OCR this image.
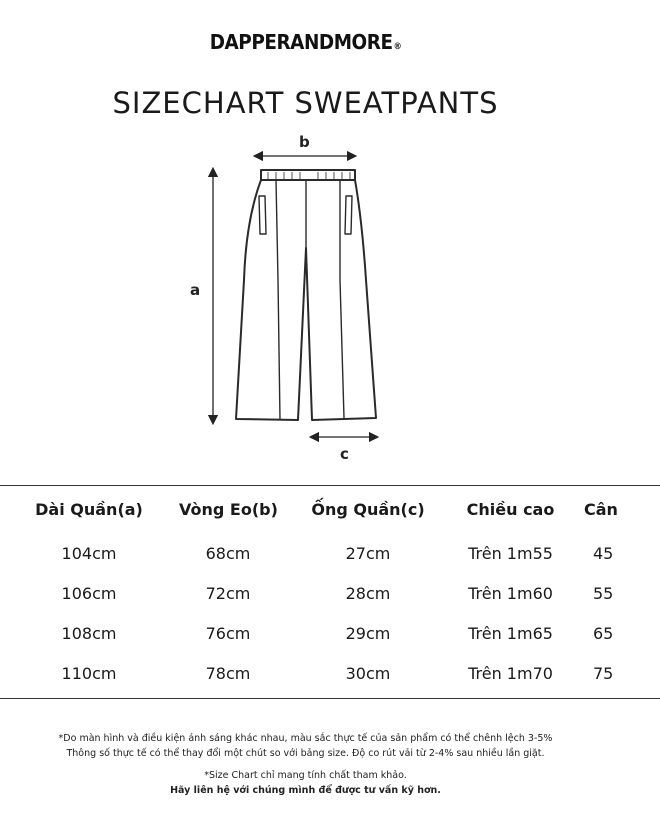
DAPPERANDMORE®
SIZECHART SWEATPANTS
b
a
c
Dài Quần(a)	Vòng Eo(b)	Ống Quần(c)	Chiều cao	Cân
104cm	68cm	27cm	Trên 1m55	45
106cm	72cm	28cm	Trên 1m60	55
108cm	76cm	29cm	Trên 1m65	65
110cm	78cm	30cm	Trên 1m70	75
*Do màn hình và điều kiện ánh sáng khác nhau, màu sắc thực tế của sản phẩm có thể chênh lệch 3-5%
Thông số thực tế có thể thay đổi một chút so với bảng size. Độ co rút vải từ 2-4% sau nhiều lần giặt.
*Size Chart chỉ mang tính chất tham khảo.
Hãy liên hệ với chúng mình để được tư vấn kỹ hơn.
